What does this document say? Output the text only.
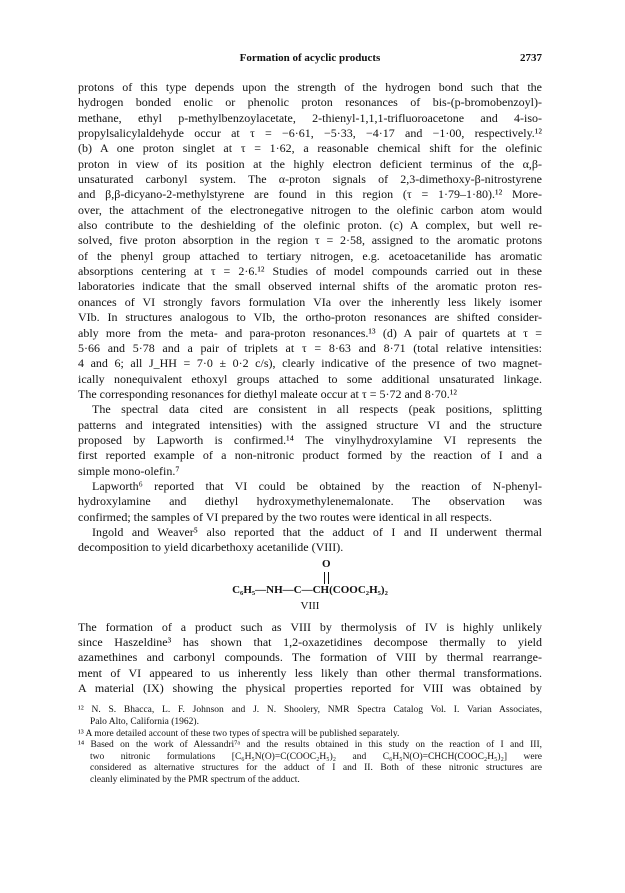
Formation of acyclic products	2737
protons of this type depends upon the strength of the hydrogen bond such that the
hydrogen bonded enolic or phenolic proton resonances of bis-(p-bromobenzoyl)-
methane, ethyl p-methylbenzoylacetate, 2-thienyl-1,1,1-trifluoroacetone and 4-iso-
propylsalicylaldehyde occur at τ = −6·61, −5·33, −4·17 and −1·00, respectively.¹²
(b) A one proton singlet at τ = 1·62, a reasonable chemical shift for the olefinic
proton in view of its position at the highly electron deficient terminus of the α,β-
unsaturated carbonyl system. The α-proton signals of 2,3-dimethoxy-β-nitrostyrene
and β,β-dicyano-2-methylstyrene are found in this region (τ = 1·79–1·80).¹² More-
over, the attachment of the electronegative nitrogen to the olefinic carbon atom would
also contribute to the deshielding of the olefinic proton. (c) A complex, but well re-
solved, five proton absorption in the region τ = 2·58, assigned to the aromatic protons
of the phenyl group attached to tertiary nitrogen, e.g. acetoacetanilide has aromatic
absorptions centering at τ = 2·6.¹² Studies of model compounds carried out in these
laboratories indicate that the small observed internal shifts of the aromatic proton res-
onances of VI strongly favors formulation VIa over the inherently less likely isomer
VIb. In structures analogous to VIb, the ortho-proton resonances are shifted consider-
ably more from the meta- and para-proton resonances.¹³ (d) A pair of quartets at τ =
5·66 and 5·78 and a pair of triplets at τ = 8·63 and 8·71 (total relative intensities:
4 and 6; all J_HH = 7·0 ± 0·2 c/s), clearly indicative of the presence of two magnet-
ically nonequivalent ethoxyl groups attached to some additional unsaturated linkage.
The corresponding resonances for diethyl maleate occur at τ = 5·72 and 8·70.¹²
The spectral data cited are consistent in all respects (peak positions, splitting
patterns and integrated intensities) with the assigned structure VI and the structure
proposed by Lapworth is confirmed.¹⁴ The vinylhydroxylamine VI represents the
first reported example of a non-nitronic product formed by the reaction of I and a
simple mono-olefin.⁷
Lapworth⁶ reported that VI could be obtained by the reaction of N-phenyl-
hydroxylamine and diethyl hydroxymethylenemalonate. The observation was
confirmed; the samples of VI prepared by the two routes were identical in all respects.
Ingold and Weaver⁵ also reported that the adduct of I and II underwent thermal
decomposition to yield dicarbethoxy acetanilide (VIII).
O
C₆H₅—NH—C—CH(COOC₂H₅)₂
VIII
The formation of a product such as VIII by thermolysis of IV is highly unlikely
since Haszeldine³ has shown that 1,2-oxazetidines decompose thermally to yield
azamethines and carbonyl compounds. The formation of VIII by thermal rearrange-
ment of VI appeared to us inherently less likely than other thermal transformations.
A material (IX) showing the physical properties reported for VIII was obtained by
¹² N. S. Bhacca, L. F. Johnson and J. N. Shoolery, NMR Spectra Catalog Vol. I. Varian Associates,
Palo Alto, California (1962).
¹³ A more detailed account of these two types of spectra will be published separately.
¹⁴ Based on the work of Alessandri⁷ᵃ and the results obtained in this study on the reaction of I and III,
two nitronic formulations [C₆H₅N(O)=C(COOC₂H₅)₂ and C₆H₅N(O)=CHCH(COOC₂H₅)₂] were
considered as alternative structures for the adduct of I and II. Both of these nitronic structures are
cleanly eliminated by the PMR spectrum of the adduct.
